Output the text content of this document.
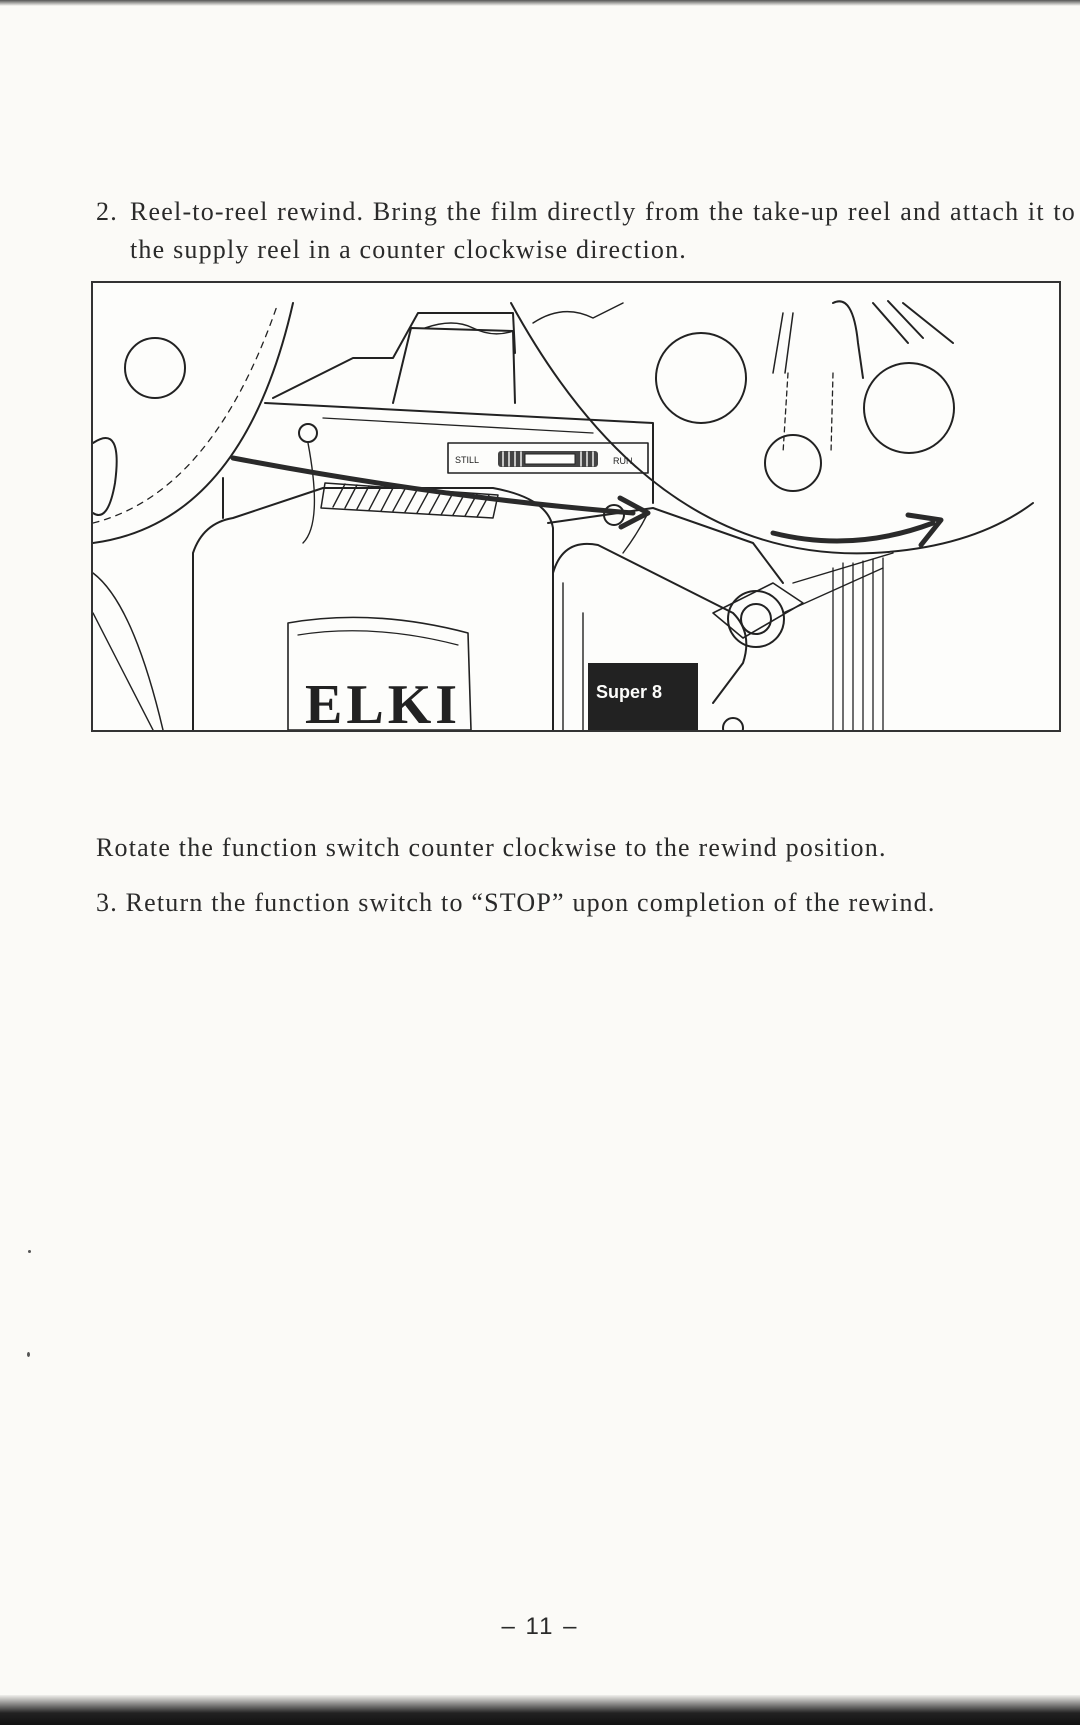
2. Reel-to-reel rewind. Bring the film directly from the take-up reel and attach it to the supply reel in a counter clockwise direction.

STILL	RUN
ELKI	Super 8

Rotate the function switch counter clockwise to the rewind position.

3. Return the function switch to “STOP” upon completion of the rewind.

– 11 –
